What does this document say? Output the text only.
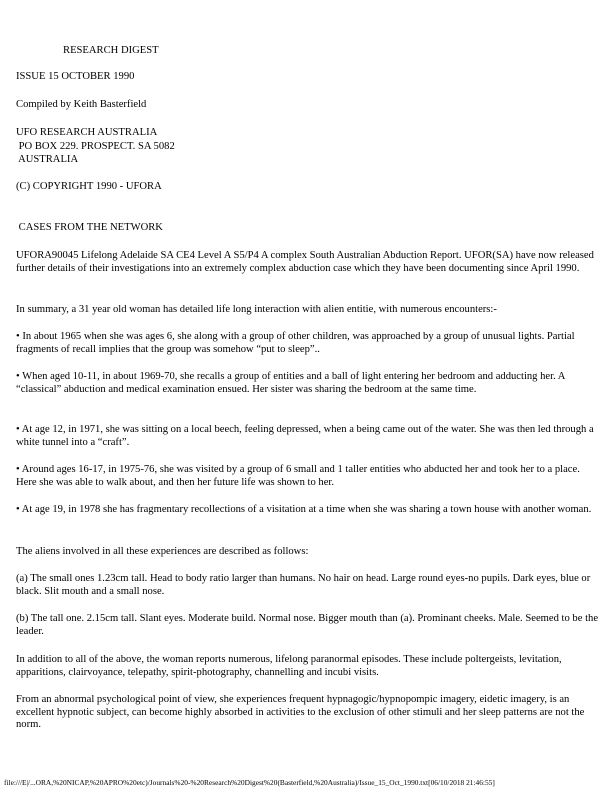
RESEARCH DIGEST

ISSUE 15 OCTOBER 1990

Compiled by Keith Basterfield

UFO RESEARCH AUSTRALIA

PO BOX 229. PROSPECT. SA 5082

AUSTRALIA

(C) COPYRIGHT 1990 - UFORA

CASES FROM THE NETWORK

UFORA90045 Lifelong Adelaide SA CE4 Level A S5/P4 A complex South Australian Abduction Report. UFOR(SA) have now released further details of their investigations into an extremely complex abduction case which they have been documenting since April 1990.

In summary, a 31 year old woman has detailed life long interaction with alien entitie, with numerous encounters:-

• In about 1965 when she was ages 6, she along with a group of other children, was approached by a group of unusual lights. Partial fragments of recall implies that the group was somehow “put to sleep”..

• When aged 10-11, in about 1969-70, she recalls a group of entities and a ball of light entering her bedroom and adducting her. A “classical” abduction and medical examination ensued. Her sister was sharing the bedroom at the same time.

• At age 12, in 1971, she was sitting on a local beech, feeling depressed, when a being came out of the water. She was then led through a white tunnel into a “craft”.

• Around ages 16-17, in 1975-76, she was visited by a group of 6 small and 1 taller entities who abducted her and took her to a place. Here she was able to walk about, and then her future life was shown to her.

• At age 19, in 1978 she has fragmentary recollections of a visitation at a time when she was sharing a town house with another woman.

The aliens involved in all these experiences are described as follows:

(a) The small ones 1.23cm tall. Head to body ratio larger than humans. No hair on head. Large round eyes-no pupils. Dark eyes, blue or black. Slit mouth and a small nose.

(b) The tall one. 2.15cm tall. Slant eyes. Moderate build. Normal nose. Bigger mouth than (a). Prominant cheeks. Male. Seemed to be the leader.

In addition to all of the above, the woman reports numerous, lifelong paranormal episodes. These include poltergeists, levitation, apparitions, clairvoyance, telepathy, spirit-photography, channelling and incubi visits.

From an abnormal psychological point of view, she experiences frequent hypnagogic/hypnopompic imagery, eidetic imagery, is an excellent hypnotic subject, can become highly absorbed in activities to the exclusion of other stimuli and her sleep patterns are not the norm.

file:///E|/...ORA,%20NICAP,%20APRO%20etc)/Journals%20-%20Research%20Digest%20(Basterfield,%20Australia)/Issue_15_Oct_1990.txt[06/10/2018 21:46:55]
